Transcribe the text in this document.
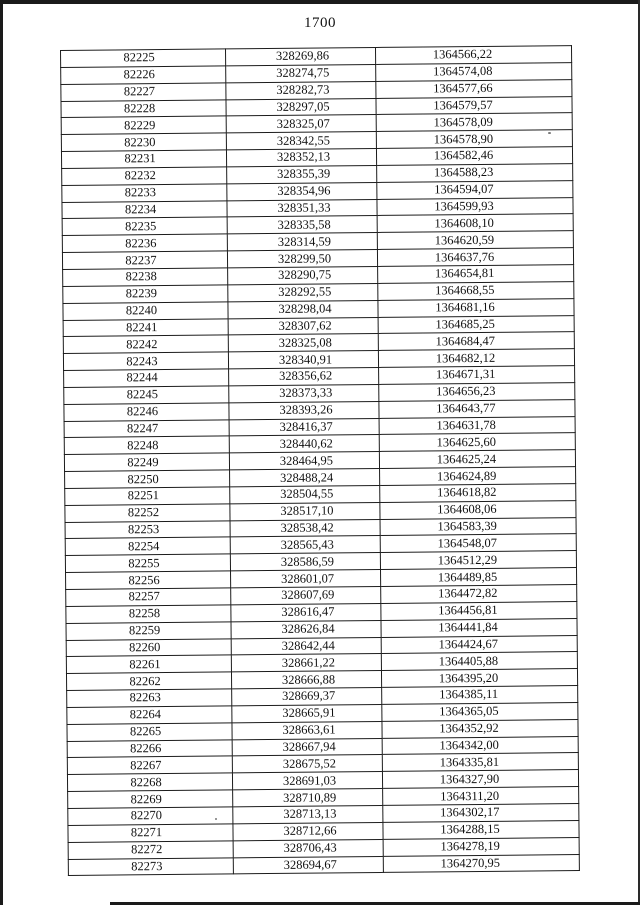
1700
82225	328269,86	1364566,22
82226	328274,75	1364574,08
82227	328282,73	1364577,66
82228	328297,05	1364579,57
82229	328325,07	1364578,09
82230	328342,55	1364578,90
82231	328352,13	1364582,46
82232	328355,39	1364588,23
82233	328354,96	1364594,07
82234	328351,33	1364599,93
82235	328335,58	1364608,10
82236	328314,59	1364620,59
82237	328299,50	1364637,76
82238	328290,75	1364654,81
82239	328292,55	1364668,55
82240	328298,04	1364681,16
82241	328307,62	1364685,25
82242	328325,08	1364684,47
82243	328340,91	1364682,12
82244	328356,62	1364671,31
82245	328373,33	1364656,23
82246	328393,26	1364643,77
82247	328416,37	1364631,78
82248	328440,62	1364625,60
82249	328464,95	1364625,24
82250	328488,24	1364624,89
82251	328504,55	1364618,82
82252	328517,10	1364608,06
82253	328538,42	1364583,39
82254	328565,43	1364548,07
82255	328586,59	1364512,29
82256	328601,07	1364489,85
82257	328607,69	1364472,82
82258	328616,47	1364456,81
82259	328626,84	1364441,84
82260	328642,44	1364424,67
82261	328661,22	1364405,88
82262	328666,88	1364395,20
82263	328669,37	1364385,11
82264	328665,91	1364365,05
82265	328663,61	1364352,92
82266	328667,94	1364342,00
82267	328675,52	1364335,81
82268	328691,03	1364327,90
82269	328710,89	1364311,20
82270	328713,13	1364302,17
82271	328712,66	1364288,15
82272	328706,43	1364278,19
82273	328694,67	1364270,95
